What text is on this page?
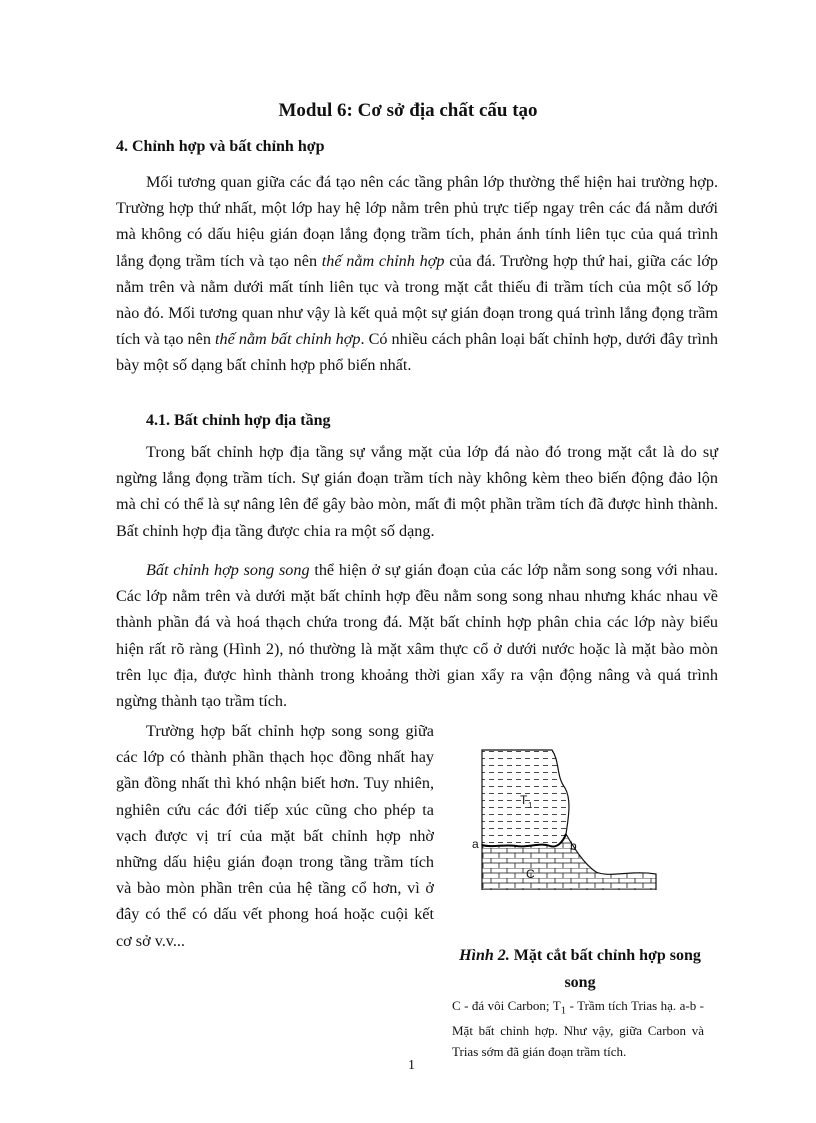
Modul 6: Cơ sở địa chất cấu tạo
4. Chỉnh hợp và bất chỉnh hợp

Mối tương quan giữa các đá tạo nên các tầng phân lớp thường thể hiện hai trường hợp. Trường hợp thứ nhất, một lớp hay hệ lớp nằm trên phủ trực tiếp ngay trên các đá nằm dưới mà không có dấu hiệu gián đoạn lắng đọng trầm tích, phản ánh tính liên tục của quá trình lắng đọng trầm tích và tạo nên thế nằm chỉnh hợp của đá. Trường hợp thứ hai, giữa các lớp nằm trên và nằm dưới mất tính liên tục và trong mặt cắt thiếu đi trầm tích của một số lớp nào đó. Mối tương quan như vậy là kết quả một sự gián đoạn trong quá trình lắng đọng trầm tích và tạo nên thế nằm bất chỉnh hợp. Có nhiều cách phân loại bất chỉnh hợp, dưới đây trình bày một số dạng bất chỉnh hợp phổ biến nhất.

4.1. Bất chỉnh hợp địa tầng

Trong bất chỉnh hợp địa tầng sự vắng mặt của lớp đá nào đó trong mặt cắt là do sự ngừng lắng đọng trầm tích. Sự gián đoạn trầm tích này không kèm theo biến động đảo lộn mà chỉ có thể là sự nâng lên để gây bào mòn, mất đi một phần trầm tích đã được hình thành. Bất chỉnh hợp địa tầng được chia ra một số dạng.

Bất chỉnh hợp song song thể hiện ở sự gián đoạn của các lớp nằm song song với nhau. Các lớp nằm trên và dưới mặt bất chỉnh hợp đều nằm song song nhau nhưng khác nhau về thành phần đá và hoá thạch chứa trong đá. Mặt bất chỉnh hợp phân chia các lớp này biểu hiện rất rõ ràng (Hình 2), nó thường là mặt xâm thực cổ ở dưới nước hoặc là mặt bào mòn trên lục địa, được hình thành trong khoảng thời gian xẩy ra vận động nâng và quá trình ngừng thành tạo trầm tích.

Trường hợp bất chỉnh hợp song song giữa các lớp có thành phần thạch học đồng nhất hay gần đồng nhất thì khó nhận biết hơn. Tuy nhiên, nghiên cứu các đới tiếp xúc cũng cho phép ta vạch được vị trí của mặt bất chỉnh hợp nhờ những dấu hiệu gián đoạn trong tầng trầm tích và bào mòn phần trên của hệ tầng cổ hơn, vì ở đây có thể có dấu vết phong hoá hoặc cuội kết cơ sở v.v...

T 1
C
a	b
Hình 2. Mặt cắt bất chỉnh hợp song song

C - đá vôi Carbon; $T_1$ - Trầm tích Trias hạ. a-b - Mặt bất chỉnh hợp. Như vậy, giữa Carbon và Trias sớm đã gián đoạn trầm tích.

1
